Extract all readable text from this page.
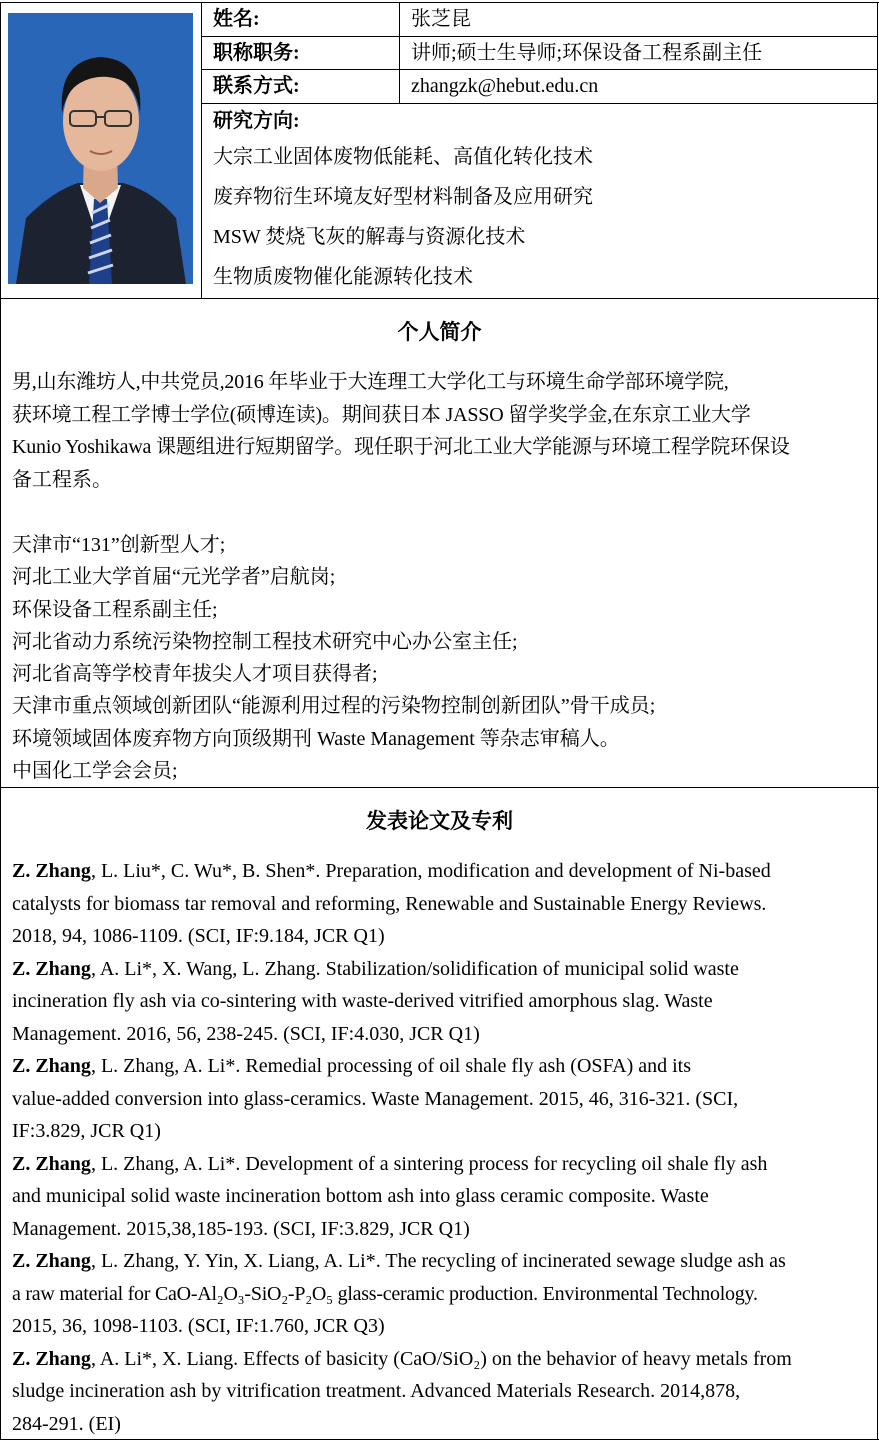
姓名:	张芝昆
职称职务:	讲师;硕士生导师;环保设备工程系副主任
联系方式:	zhangzk@hebut.edu.cn
研究方向:
大宗工业固体废物低能耗、高值化转化技术
废弃物衍生环境友好型材料制备及应用研究
MSW 焚烧飞灰的解毒与资源化技术
生物质废物催化能源转化技术
个人简介

男,山东潍坊人,中共党员,2016 年毕业于大连理工大学化工与环境生命学部环境学院,

获环境工程工学博士学位(硕博连读)。期间获日本 JASSO 留学奖学金,在东京工业大学

Kunio Yoshikawa 课题组进行短期留学。现任职于河北工业大学能源与环境工程学院环保设

备工程系。

天津市“131”创新型人才;
河北工业大学首届“元光学者”启航岗;
环保设备工程系副主任;
河北省动力系统污染物控制工程技术研究中心办公室主任;
河北省高等学校青年拔尖人才项目获得者;
天津市重点领域创新团队“能源利用过程的污染物控制创新团队”骨干成员;
环境领域固体废弃物方向顶级期刊 Waste Management 等杂志审稿人。
中国化工学会会员;
发表论文及专利
Z. Zhang, L. Liu*, C. Wu*, B. Shen*. Preparation, modification and development of Ni-based
catalysts for biomass tar removal and reforming, Renewable and Sustainable Energy Reviews.
2018, 94, 1086-1109. (SCI, IF:9.184, JCR Q1)
Z. Zhang, A. Li*, X. Wang, L. Zhang. Stabilization/solidification of municipal solid waste
incineration fly ash via co-sintering with waste-derived vitrified amorphous slag. Waste
Management. 2016, 56, 238-245. (SCI, IF:4.030, JCR Q1)
Z. Zhang, L. Zhang, A. Li*. Remedial processing of oil shale fly ash (OSFA) and its
value-added conversion into glass-ceramics. Waste Management. 2015, 46, 316-321. (SCI,
IF:3.829, JCR Q1)
Z. Zhang, L. Zhang, A. Li*. Development of a sintering process for recycling oil shale fly ash
and municipal solid waste incineration bottom ash into glass ceramic composite. Waste
Management. 2015,38,185-193. (SCI, IF:3.829, JCR Q1)
Z. Zhang, L. Zhang, Y. Yin, X. Liang, A. Li*. The recycling of incinerated sewage sludge ash as
a raw material for CaO-Al₂O₃-SiO₂-P₂O₅ glass-ceramic production. Environmental Technology.
2015, 36, 1098-1103. (SCI, IF:1.760, JCR Q3)
Z. Zhang, A. Li*, X. Liang. Effects of basicity (CaO/SiO₂) on the behavior of heavy metals from
sludge incineration ash by vitrification treatment. Advanced Materials Research. 2014,878,
284-291. (EI)
